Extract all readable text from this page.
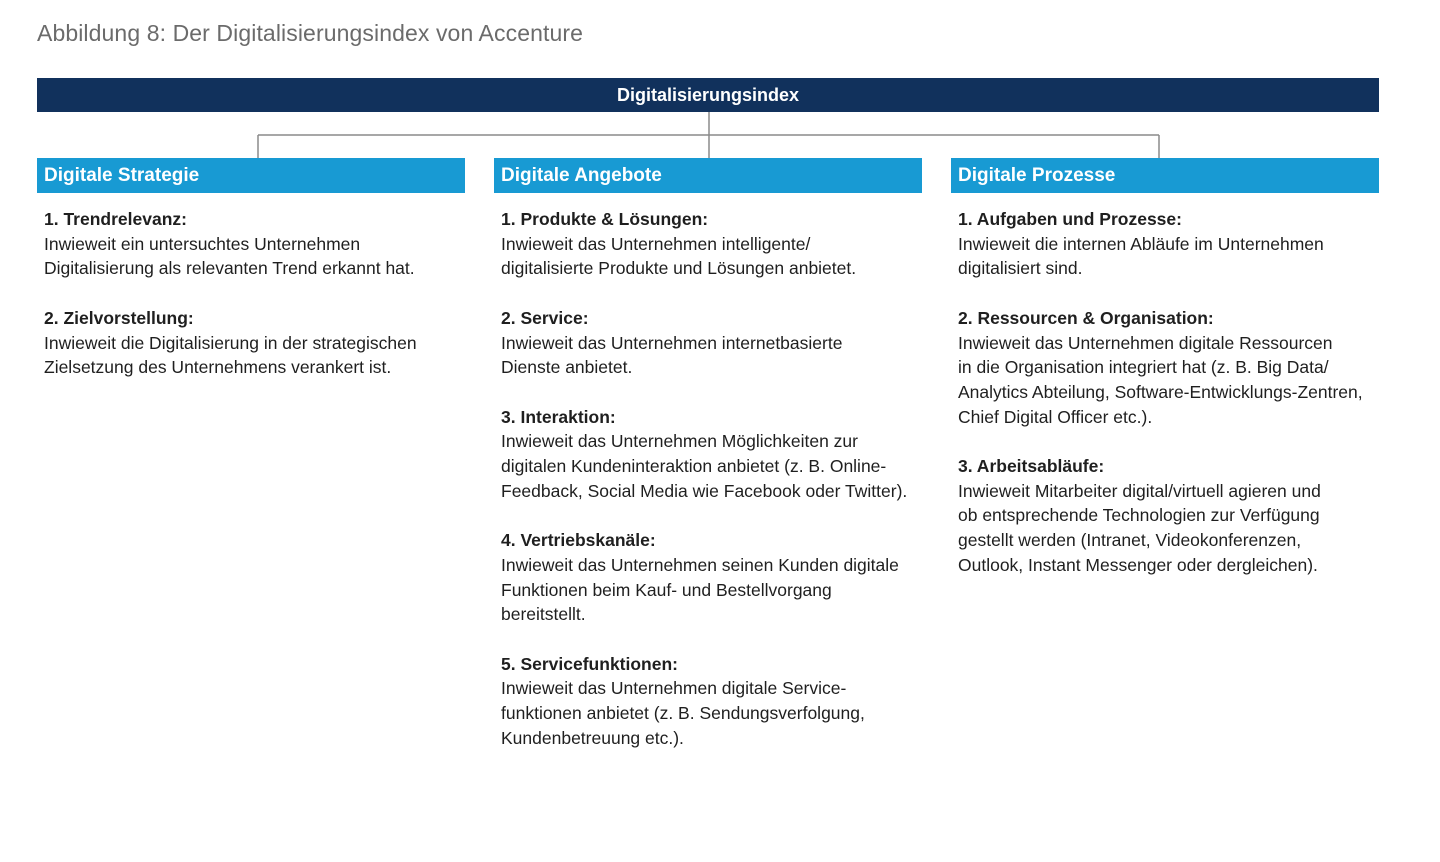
Abbildung 8: Der Digitalisierungsindex von Accenture
Digitalisierungsindex
Digitale Strategie
1. Trendrelevanz:
Inwieweit ein untersuchtes Unternehmen
Digitalisierung als relevanten Trend erkannt hat.
2. Zielvorstellung:
Inwieweit die Digitalisierung in der strategischen
Zielsetzung des Unternehmens verankert ist.
Digitale Angebote
1. Produkte & Lösungen:
Inwieweit das Unternehmen intelligente/
digitalisierte Produkte und Lösungen anbietet.
2. Service:
Inwieweit das Unternehmen internetbasierte
Dienste anbietet.
3. Interaktion:
Inwieweit das Unternehmen Möglichkeiten zur
digitalen Kundeninteraktion anbietet (z. B. Online-
Feedback, Social Media wie Facebook oder Twitter).
4. Vertriebskanäle:
Inwieweit das Unternehmen seinen Kunden digitale
Funktionen beim Kauf- und Bestellvorgang
bereitstellt.
5. Servicefunktionen:
Inwieweit das Unternehmen digitale Service-
funktionen anbietet (z. B. Sendungsverfolgung,
Kundenbetreuung etc.).
Digitale Prozesse
1. Aufgaben und Prozesse:
Inwieweit die internen Abläufe im Unternehmen
digitalisiert sind.
2. Ressourcen & Organisation:
Inwieweit das Unternehmen digitale Ressourcen
in die Organisation integriert hat (z. B. Big Data/
Analytics Abteilung, Software-Entwicklungs-Zentren,
Chief Digital Officer etc.).
3. Arbeitsabläufe:
Inwieweit Mitarbeiter digital/virtuell agieren und
ob entsprechende Technologien zur Verfügung
gestellt werden (Intranet, Videokonferenzen,
Outlook, Instant Messenger oder dergleichen).
